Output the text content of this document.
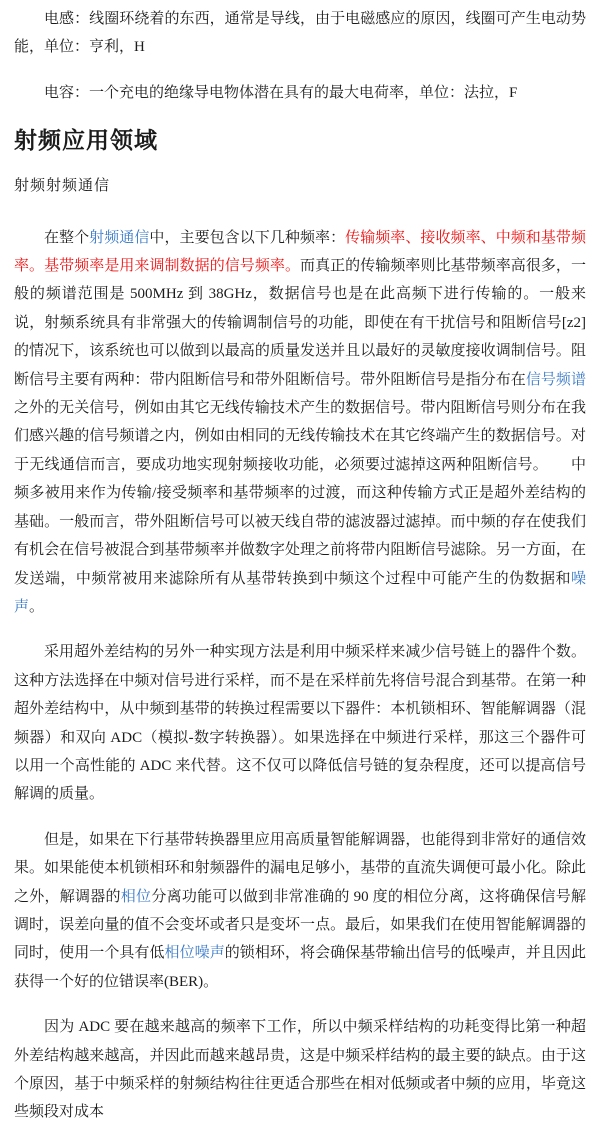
电感：线圈环绕着的东西，通常是导线，由于电磁感应的原因，线圈可产生电动势能，单位：亨利，H

电容：一个充电的绝缘导电物体潜在具有的最大电荷率，单位：法拉，F

射频应用领域

射频射频通信

在整个射频通信中，主要包含以下几种频率：传输频率、接收频率、中频和基带频率。基带频率是用来调制数据的信号频率。而真正的传输频率则比基带频率高很多，一般的频谱范围是 500MHz 到 38GHz，数据信号也是在此高频下进行传输的。一般来说，射频系统具有非常强大的传输调制信号的功能，即使在有干扰信号和阻断信号[z2] 的情况下，该系统也可以做到以最高的质量发送并且以最好的灵敏度接收调制信号。阻断信号主要有两种：带内阻断信号和带外阻断信号。带外阻断信号是指分布在信号频谱之外的无关信号，例如由其它无线传输技术产生的数据信号。带内阻断信号则分布在我们感兴趣的信号频谱之内，例如由相同的无线传输技术在其它终端产生的数据信号。对于无线通信而言，要成功地实现射频接收功能，必须要过滤掉这两种阻断信号。　　中频多被用来作为传输/接受频率和基带频率的过渡，而这种传输方式正是超外差结构的基础。一般而言，带外阻断信号可以被天线自带的滤波器过滤掉。而中频的存在使我们有机会在信号被混合到基带频率并做数字处理之前将带内阻断信号滤除。另一方面，在发送端，中频常被用来滤除所有从基带转换到中频这个过程中可能产生的伪数据和噪声。

采用超外差结构的另外一种实现方法是利用中频采样来减少信号链上的器件个数。这种方法选择在中频对信号进行采样，而不是在采样前先将信号混合到基带。在第一种超外差结构中，从中频到基带的转换过程需要以下器件：本机锁相环、智能解调器（混频器）和双向 ADC（模拟-数字转换器）。如果选择在中频进行采样，那这三个器件可以用一个高性能的 ADC 来代替。这不仅可以降低信号链的复杂程度，还可以提高信号解调的质量。

但是，如果在下行基带转换器里应用高质量智能解调器，也能得到非常好的通信效果。如果能使本机锁相环和射频器件的漏电足够小，基带的直流失调便可最小化。除此之外，解调器的相位分离功能可以做到非常准确的 90 度的相位分离，这将确保信号解调时，误差向量的值不会变坏或者只是变坏一点。最后，如果我们在使用智能解调器的同时，使用一个具有低相位噪声的锁相环，将会确保基带输出信号的低噪声，并且因此获得一个好的位错误率(BER)。

因为 ADC 要在越来越高的频率下工作，所以中频采样结构的功耗变得比第一种超外差结构越来越高，并因此而越来越昂贵，这是中频采样结构的最主要的缺点。由于这个原因，基于中频采样的射频结构往往更适合那些在相对低频或者中频的应用，毕竟这些频段对成本
